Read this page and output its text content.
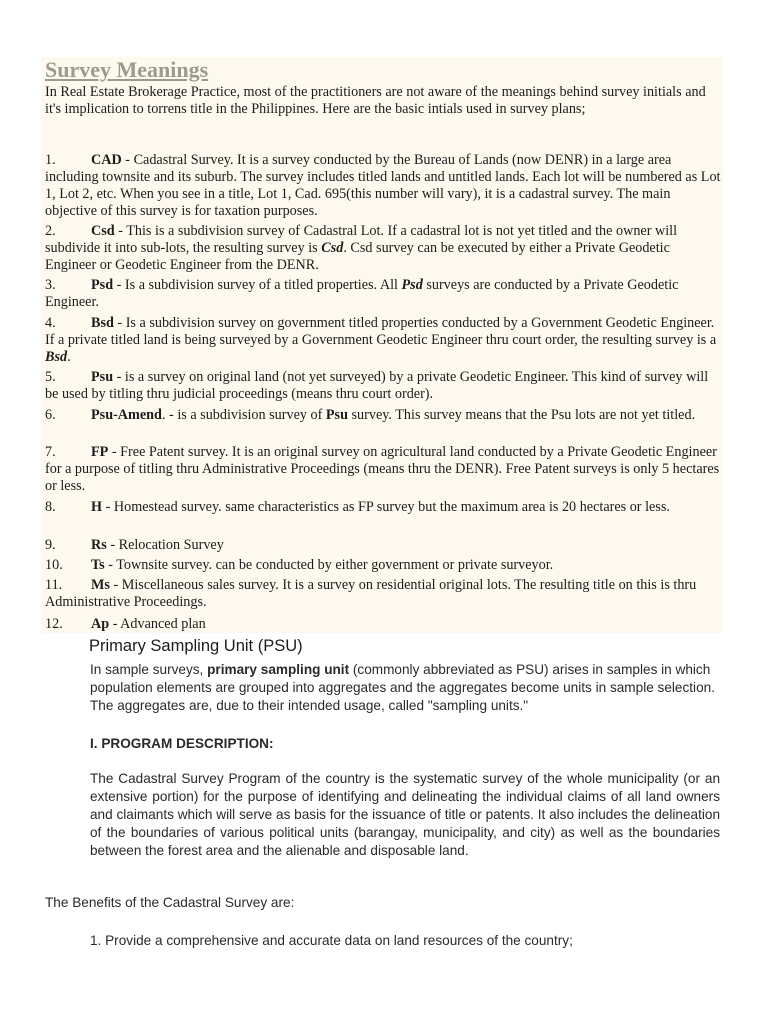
Survey Meanings
In Real Estate Brokerage Practice, most of the practitioners are not aware of the meanings behind survey initials and it's implication to torrens title in the Philippines. Here are the basic intials used in survey plans;
1. CAD - Cadastral Survey. It is a survey conducted by the Bureau of Lands (now DENR) in a large area including townsite and its suburb. The survey includes titled lands and untitled lands. Each lot will be numbered as Lot 1, Lot 2, etc. When you see in a title, Lot 1, Cad. 695(this number will vary), it is a cadastral survey. The main objective of this survey is for taxation purposes.
2. Csd - This is a subdivision survey of Cadastral Lot. If a cadastral lot is not yet titled and the owner will subdivide it into sub-lots, the resulting survey is Csd. Csd survey can be executed by either a Private Geodetic Engineer or Geodetic Engineer from the DENR.
3. Psd - Is a subdivision survey of a titled properties. All Psd surveys are conducted by a Private Geodetic Engineer.
4. Bsd - Is a subdivision survey on government titled properties conducted by a Government Geodetic Engineer. If a private titled land is being surveyed by a Government Geodetic Engineer thru court order, the resulting survey is a Bsd.
5. Psu - is a survey on original land (not yet surveyed) by a private Geodetic Engineer. This kind of survey will be used by titling thru judicial proceedings (means thru court order).
6. Psu-Amend. - is a subdivision survey of Psu survey. This survey means that the Psu lots are not yet titled.
7. FP - Free Patent survey. It is an original survey on agricultural land conducted by a Private Geodetic Engineer for a purpose of titling thru Administrative Proceedings (means thru the DENR). Free Patent surveys is only 5 hectares or less.
8. H - Homestead survey. same characteristics as FP survey but the maximum area is 20 hectares or less.
9. Rs - Relocation Survey
10. Ts - Townsite survey. can be conducted by either government or private surveyor.
11. Ms - Miscellaneous sales survey. It is a survey on residential original lots. The resulting title on this is thru Administrative Proceedings.
12. Ap - Advanced plan
Primary Sampling Unit (PSU)
In sample surveys, primary sampling unit (commonly abbreviated as PSU) arises in samples in which population elements are grouped into aggregates and the aggregates become units in sample selection. The aggregates are, due to their intended usage, called "sampling units."
I. PROGRAM DESCRIPTION:
The Cadastral Survey Program of the country is the systematic survey of the whole municipality (or an extensive portion) for the purpose of identifying and delineating the individual claims of all land owners and claimants which will serve as basis for the issuance of title or patents. It also includes the delineation of the boundaries of various political units (barangay, municipality, and city) as well as the boundaries between the forest area and the alienable and disposable land.
The Benefits of the Cadastral Survey are:
1. Provide a comprehensive and accurate data on land resources of the country;
